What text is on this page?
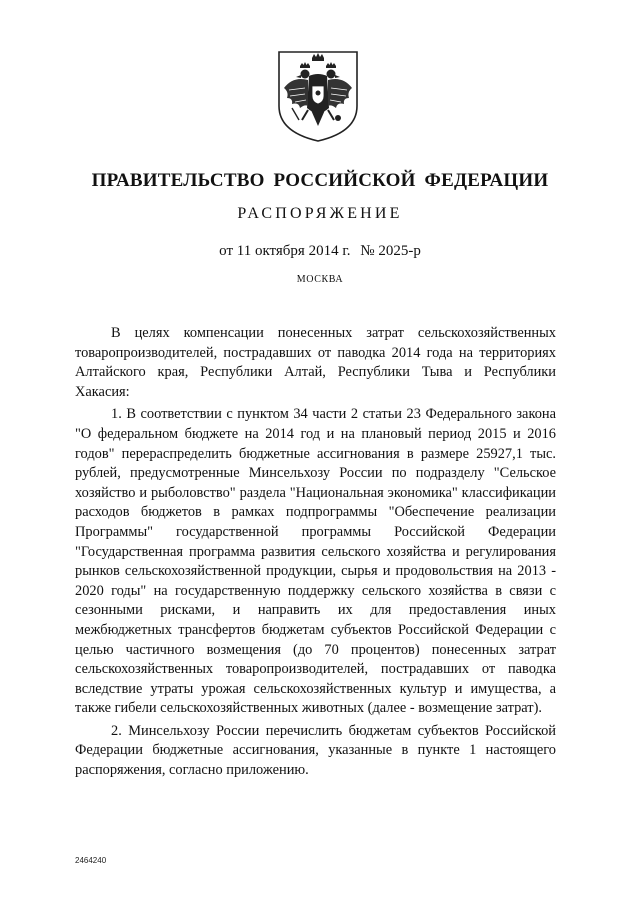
ПРАВИТЕЛЬСТВО РОССИЙСКОЙ ФЕДЕРАЦИИ
РАСПОРЯЖЕНИЕ
от 11 октября 2014 г. № 2025-р
МОСКВА

В целях компенсации понесенных затрат сельскохозяйственных товаропроизводителей, пострадавших от паводка 2014 года на территориях Алтайского края, Республики Алтай, Республики Тыва и Республики Хакасия:

1. В соответствии с пунктом 34 части 2 статьи 23 Федерального закона "О федеральном бюджете на 2014 год и на плановый период 2015 и 2016 годов" перераспределить бюджетные ассигнования в размере 25927,1 тыс. рублей, предусмотренные Минсельхозу России по подразделу "Сельское хозяйство и рыболовство" раздела "Национальная экономика" классификации расходов бюджетов в рамках подпрограммы "Обеспечение реализации Программы" государственной программы Российской Федерации "Государственная программа развития сельского хозяйства и регулирования рынков сельскохозяйственной продукции, сырья и продовольствия на 2013 - 2020 годы" на государственную поддержку сельского хозяйства в связи с сезонными рисками, и направить их для предоставления иных межбюджетных трансфертов бюджетам субъектов Российской Федерации с целью частичного возмещения (до 70 процентов) понесенных затрат сельскохозяйственных товаропроизводителей, пострадавших от паводка вследствие утраты урожая сельскохозяйственных культур и имущества, а также гибели сельскохозяйственных животных (далее - возмещение затрат).

2. Минсельхозу России перечислить бюджетам субъектов Российской Федерации бюджетные ассигнования, указанные в пункте 1 настоящего распоряжения, согласно приложению.

2464240
